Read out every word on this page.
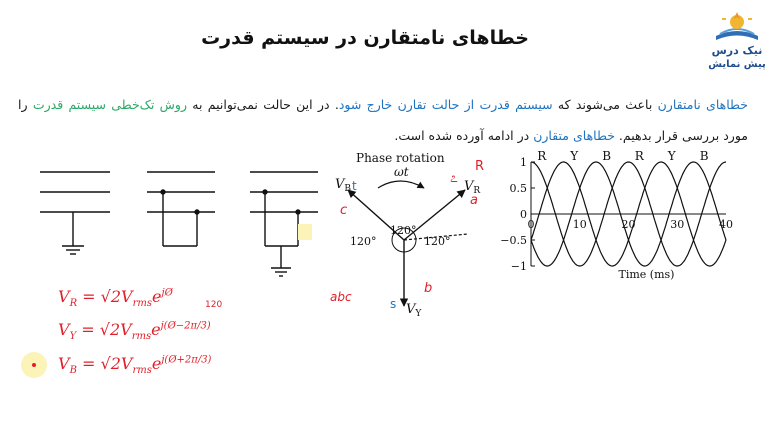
خطاهای نامتقارن در سیستم قدرت
نیک درس
پیش نمایش
خطاهای نامتقارن باعث می‌شوند که سیستم قدرت از حالت تقارن خارج شود. در این حالت نمی‌توانیم به روش تک‌خطی سیستم قدرت را مورد بررسی قرار بدهیم. خطاهای متقارن در ادامه آورده شده است.
Phase rotation
ωt
$V_B$	$V_R$
$V_Y$
120°
120°	120°
R
೭
a
t
c
b
s
1
0.5
0
−0.5
−1
0	10	20	30	40
Time (ms)
R Y B R Y B
$V_R = √2V_{rms}e^{jØ}$
$V_Y = √2V_{rms}e^{j(Ø-2\pi/3)}$
$V_B = √2V_{rms}e^{j(Ø+2\pi/3)}$
120
abc
